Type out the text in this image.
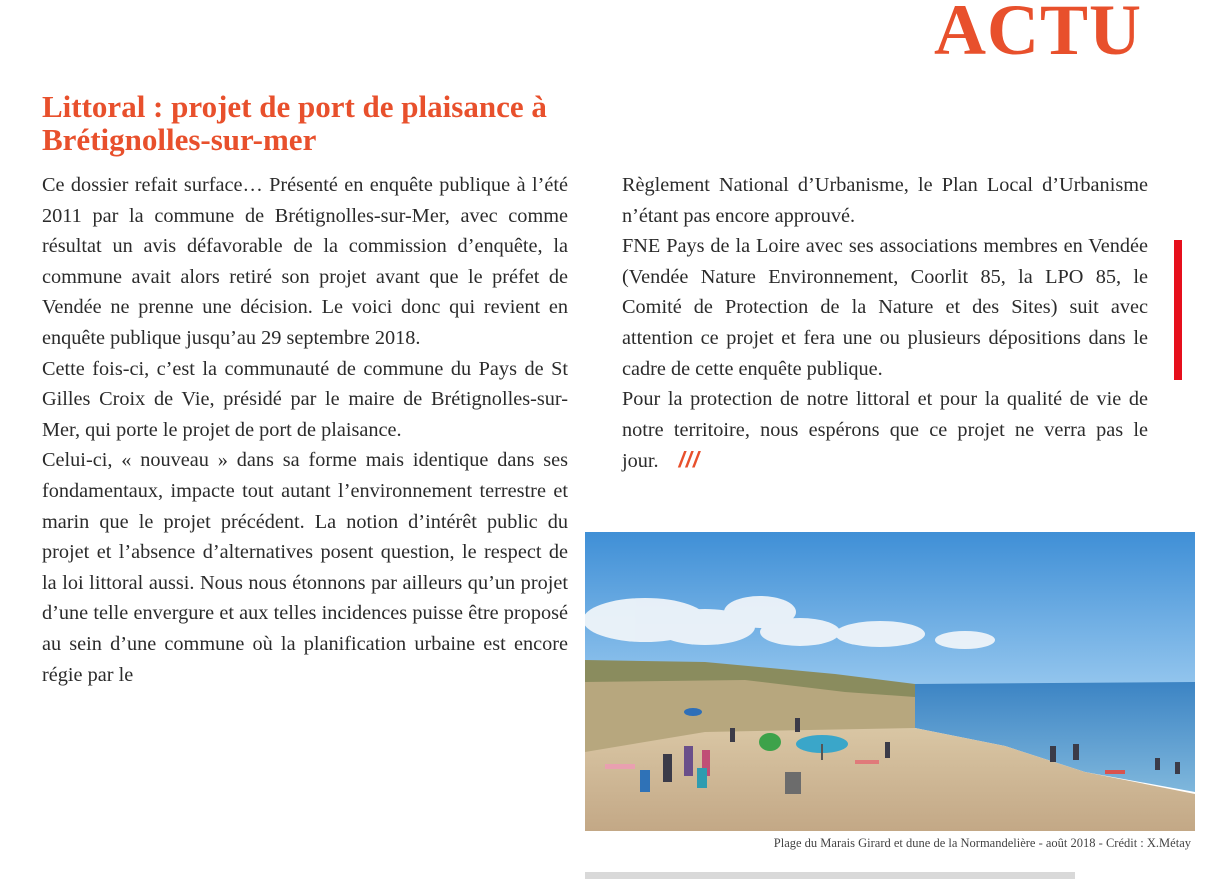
ACTU
Littoral : projet de port de plaisance à Brétignolles-sur-mer

Ce dossier refait surface… Présenté en enquête publique à l’été 2011 par la commune de Brétignolles-sur-Mer, avec comme résultat un avis défavorable de la commission d’enquête, la commune avait alors retiré son projet avant que le préfet de Vendée ne prenne une décision. Le voici donc qui revient en enquête publique jusqu’au 29 septembre 2018.

Cette fois-ci, c’est la communauté de commune du Pays de St Gilles Croix de Vie, présidé par le maire de Brétignolles-sur-Mer, qui porte le projet de port de plaisance.

Celui-ci, « nouveau » dans sa forme mais identique dans ses fondamentaux, impacte tout autant l’environnement terrestre et marin que le projet précédent. La notion d’intérêt public du projet et l’absence d’alternatives posent question, le respect de la loi littoral aussi. Nous nous étonnons par ailleurs qu’un projet d’une telle envergure et aux telles incidences puisse être proposé au sein d’une commune où la planification urbaine est encore régie par le

Règlement National d’Urbanisme, le Plan Local d’Urbanisme n’étant pas encore approuvé.

FNE Pays de la Loire avec ses associations membres en Vendée (Vendée Nature Environnement, Coorlit 85, la LPO 85, le Comité de Protection de la Nature et des Sites) suit avec attention ce projet et fera une ou plusieurs dépositions dans le cadre de cette enquête publique.

Pour la protection de notre littoral et pour la qualité de vie de notre territoire, nous espérons que ce projet ne verra pas le jour. ///

Plage du Marais Girard et dune de la Normandelière - août 2018 - Crédit : X.Métay
